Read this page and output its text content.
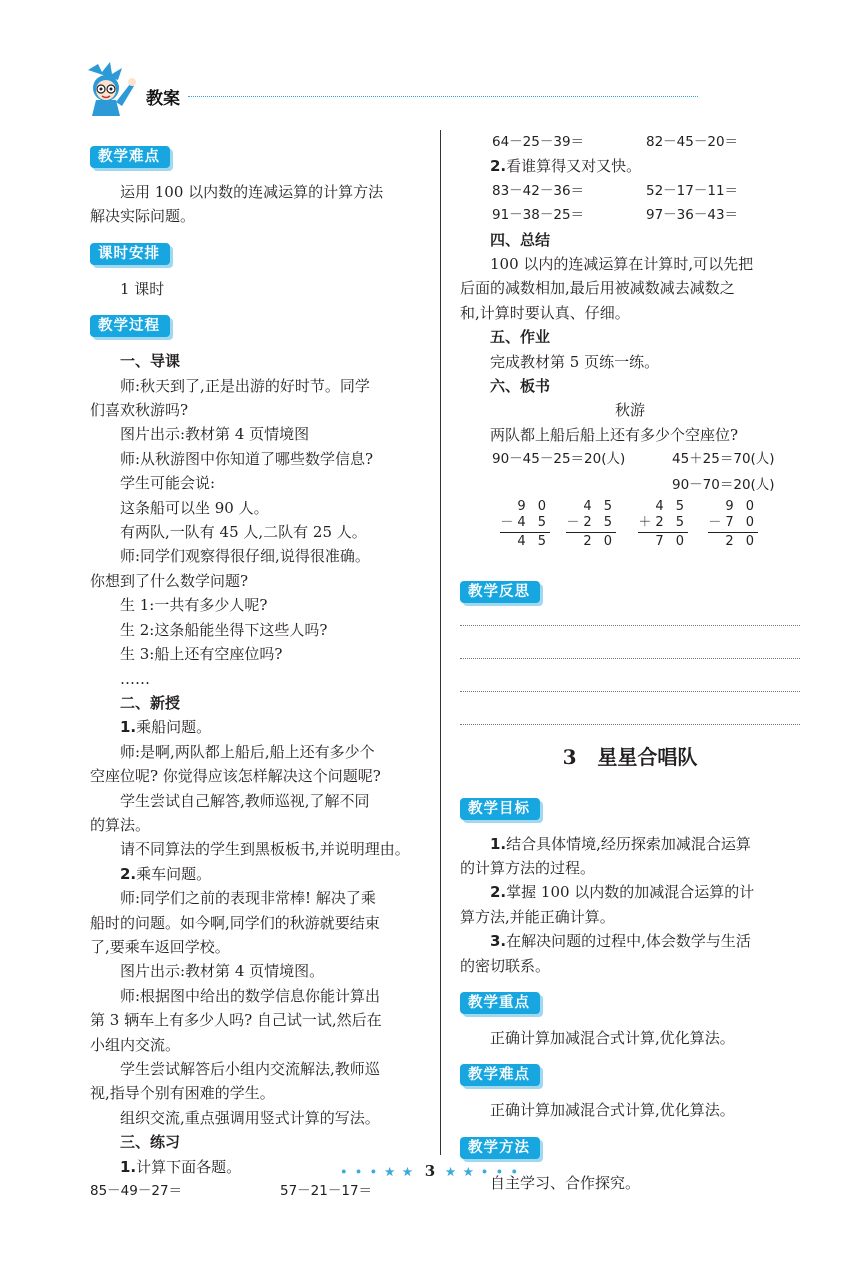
教案
教学难点

运用 100 以内数的连减运算的计算方法

解决实际问题。

课时安排

1 课时

教学过程

一、导课

师:秋天到了,正是出游的好时节。同学

们喜欢秋游吗?

图片出示:教材第 4 页情境图

师:从秋游图中你知道了哪些数学信息?

学生可能会说:

这条船可以坐 90 人。

有两队,一队有 45 人,二队有 25 人。

师:同学们观察得很仔细,说得很准确。

你想到了什么数学问题?

生 1:一共有多少人呢?

生 2:这条船能坐得下这些人吗?

生 3:船上还有空座位吗?

……

二、新授

1.乘船问题。

师:是啊,两队都上船后,船上还有多少个

空座位呢? 你觉得应该怎样解决这个问题呢?

学生尝试自己解答,教师巡视,了解不同

的算法。

请不同算法的学生到黑板板书,并说明理由。

2.乘车问题。

师:同学们之前的表现非常棒! 解决了乘

船时的问题。如今啊,同学们的秋游就要结束

了,要乘车返回学校。

图片出示:教材第 4 页情境图。

师:根据图中给出的数学信息你能计算出

第 3 辆车上有多少人吗? 自己试一试,然后在

小组内交流。

学生尝试解答后小组内交流解法,教师巡

视,指导个别有困难的学生。

组织交流,重点强调用竖式计算的写法。

三、练习

1.计算下面各题。

85－49－27＝	57－21－17＝
64－25－39＝	82－45－20＝

2.看谁算得又对又快。

83－42－36＝	52－17－11＝
91－38－25＝	97－36－43＝

四、总结

100 以内的连减运算在计算时,可以先把

后面的减数相加,最后用被减数减去减数之

和,计算时要认真、仔细。

五、作业

完成教材第 5 页练一练。

六、板书

秋游

两队都上船后船上还有多少个空座位?

90－45－25＝20(人)	45＋25＝70(人)
90－70＝20(人)
9 0
－4 5
4 5
4 5
－2 5
2 0
4 5
＋2 5
7 0
9 0
－7 0
2 0
教学反思
3 星星合唱队
教学目标

1.结合具体情境,经历探索加减混合运算

的计算方法的过程。

2.掌握 100 以内数的加减混合运算的计

算方法,并能正确计算。

3.在解决问题的过程中,体会数学与生活

的密切联系。

教学重点

正确计算加减混合式计算,优化算法。

教学难点

正确计算加减混合式计算,优化算法。

教学方法

自主学习、合作探究。

• • • ★ ★ 3 ★ ★ • • •
